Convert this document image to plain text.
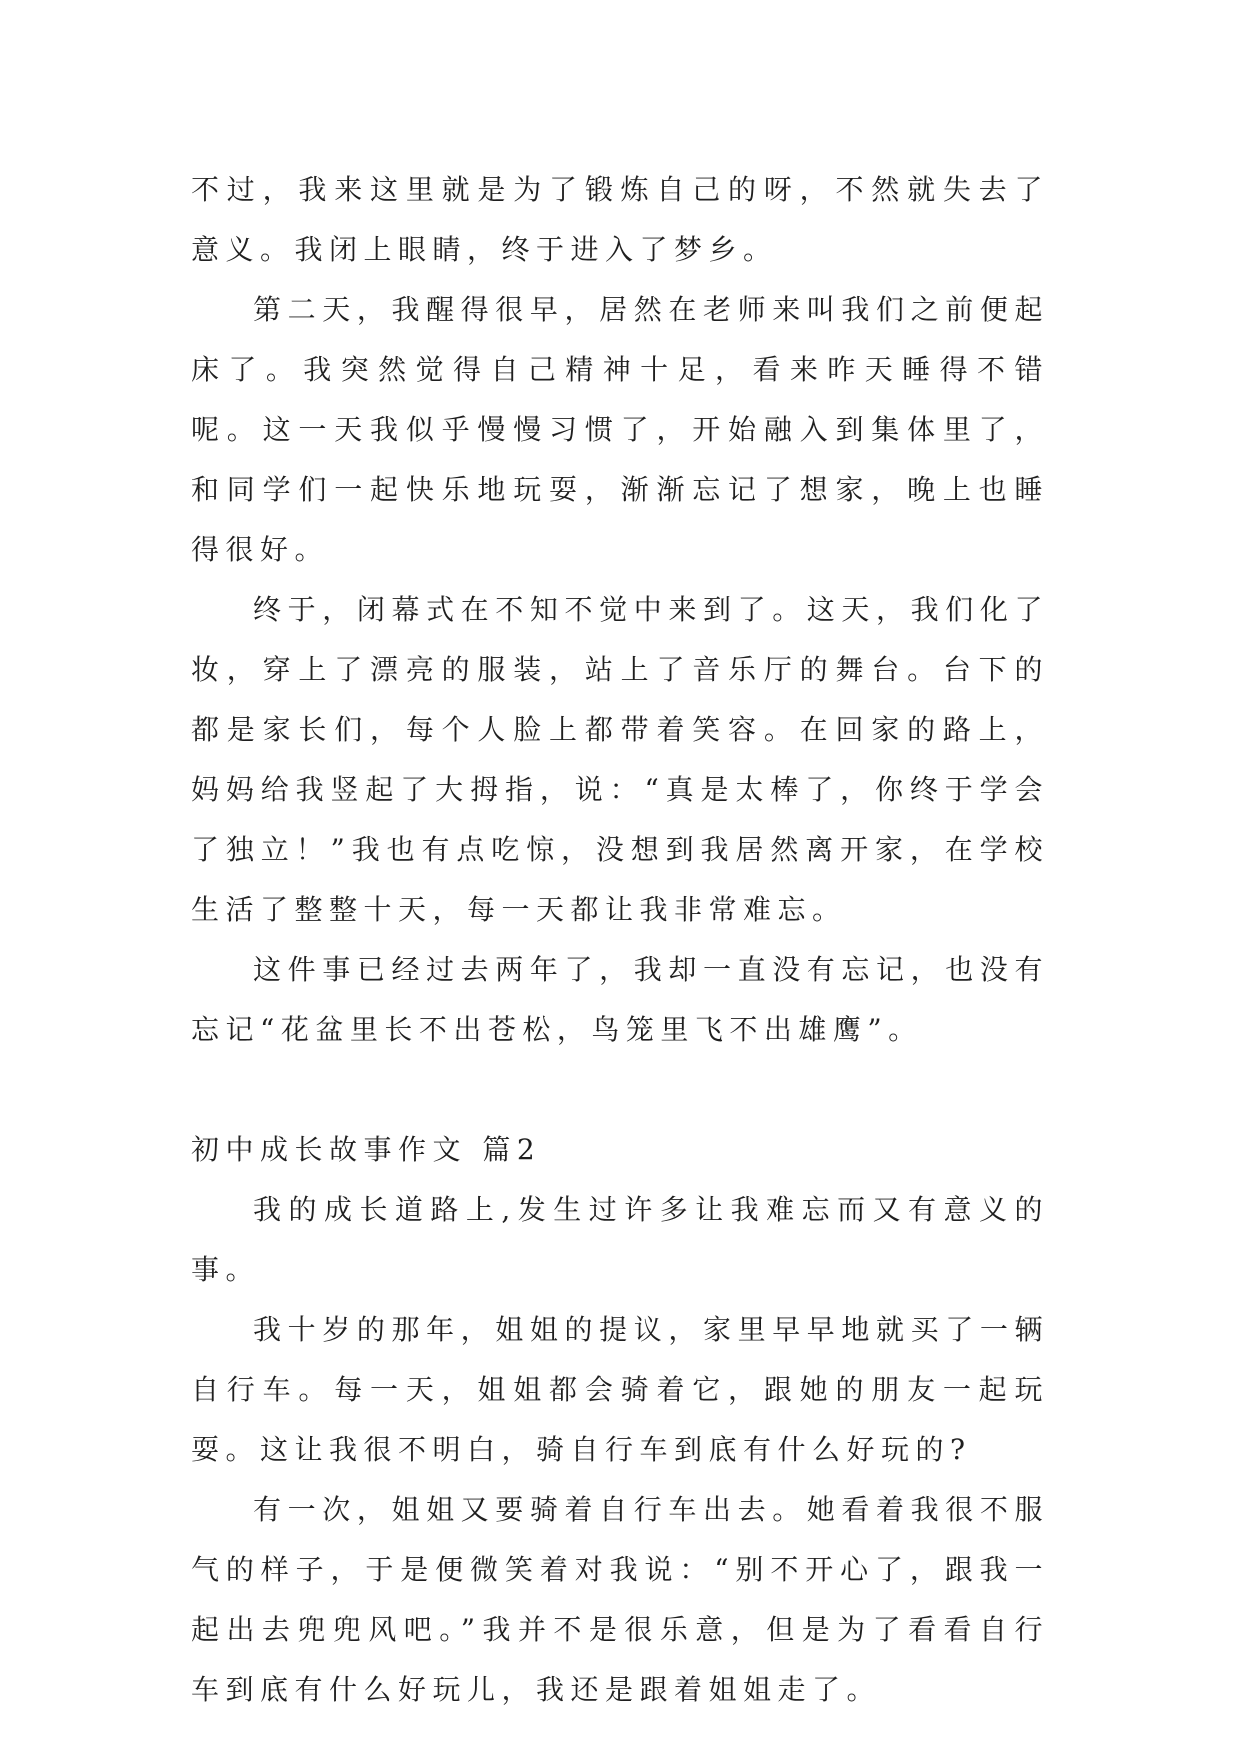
不过，我来这里就是为了锻炼自己的呀，不然就失去了意义。我闭上眼睛，终于进入了梦乡。

第二天，我醒得很早，居然在老师来叫我们之前便起床了。我突然觉得自己精神十足，看来昨天睡得不错呢。这一天我似乎慢慢习惯了，开始融入到集体里了，和同学们一起快乐地玩耍，渐渐忘记了想家，晚上也睡得很好。

终于，闭幕式在不知不觉中来到了。这天，我们化了妆，穿上了漂亮的服装，站上了音乐厅的舞台。台下的都是家长们，每个人脸上都带着笑容。在回家的路上，妈妈给我竖起了大拇指，说：“真是太棒了，你终于学会了独立！”我也有点吃惊，没想到我居然离开家，在学校生活了整整十天，每一天都让我非常难忘。

这件事已经过去两年了，我却一直没有忘记，也没有忘记“花盆里长不出苍松，鸟笼里飞不出雄鹰”。

初中成长故事作文 篇2

我的成长道路上,发生过许多让我难忘而又有意义的事。

我十岁的那年，姐姐的提议，家里早早地就买了一辆自行车。每一天，姐姐都会骑着它，跟她的朋友一起玩耍。这让我很不明白，骑自行车到底有什么好玩的?

有一次，姐姐又要骑着自行车出去。她看着我很不服气的样子，于是便微笑着对我说：“别不开心了，跟我一起出去兜兜风吧。”我并不是很乐意，但是为了看看自行车到底有什么好玩儿，我还是跟着姐姐走了。
